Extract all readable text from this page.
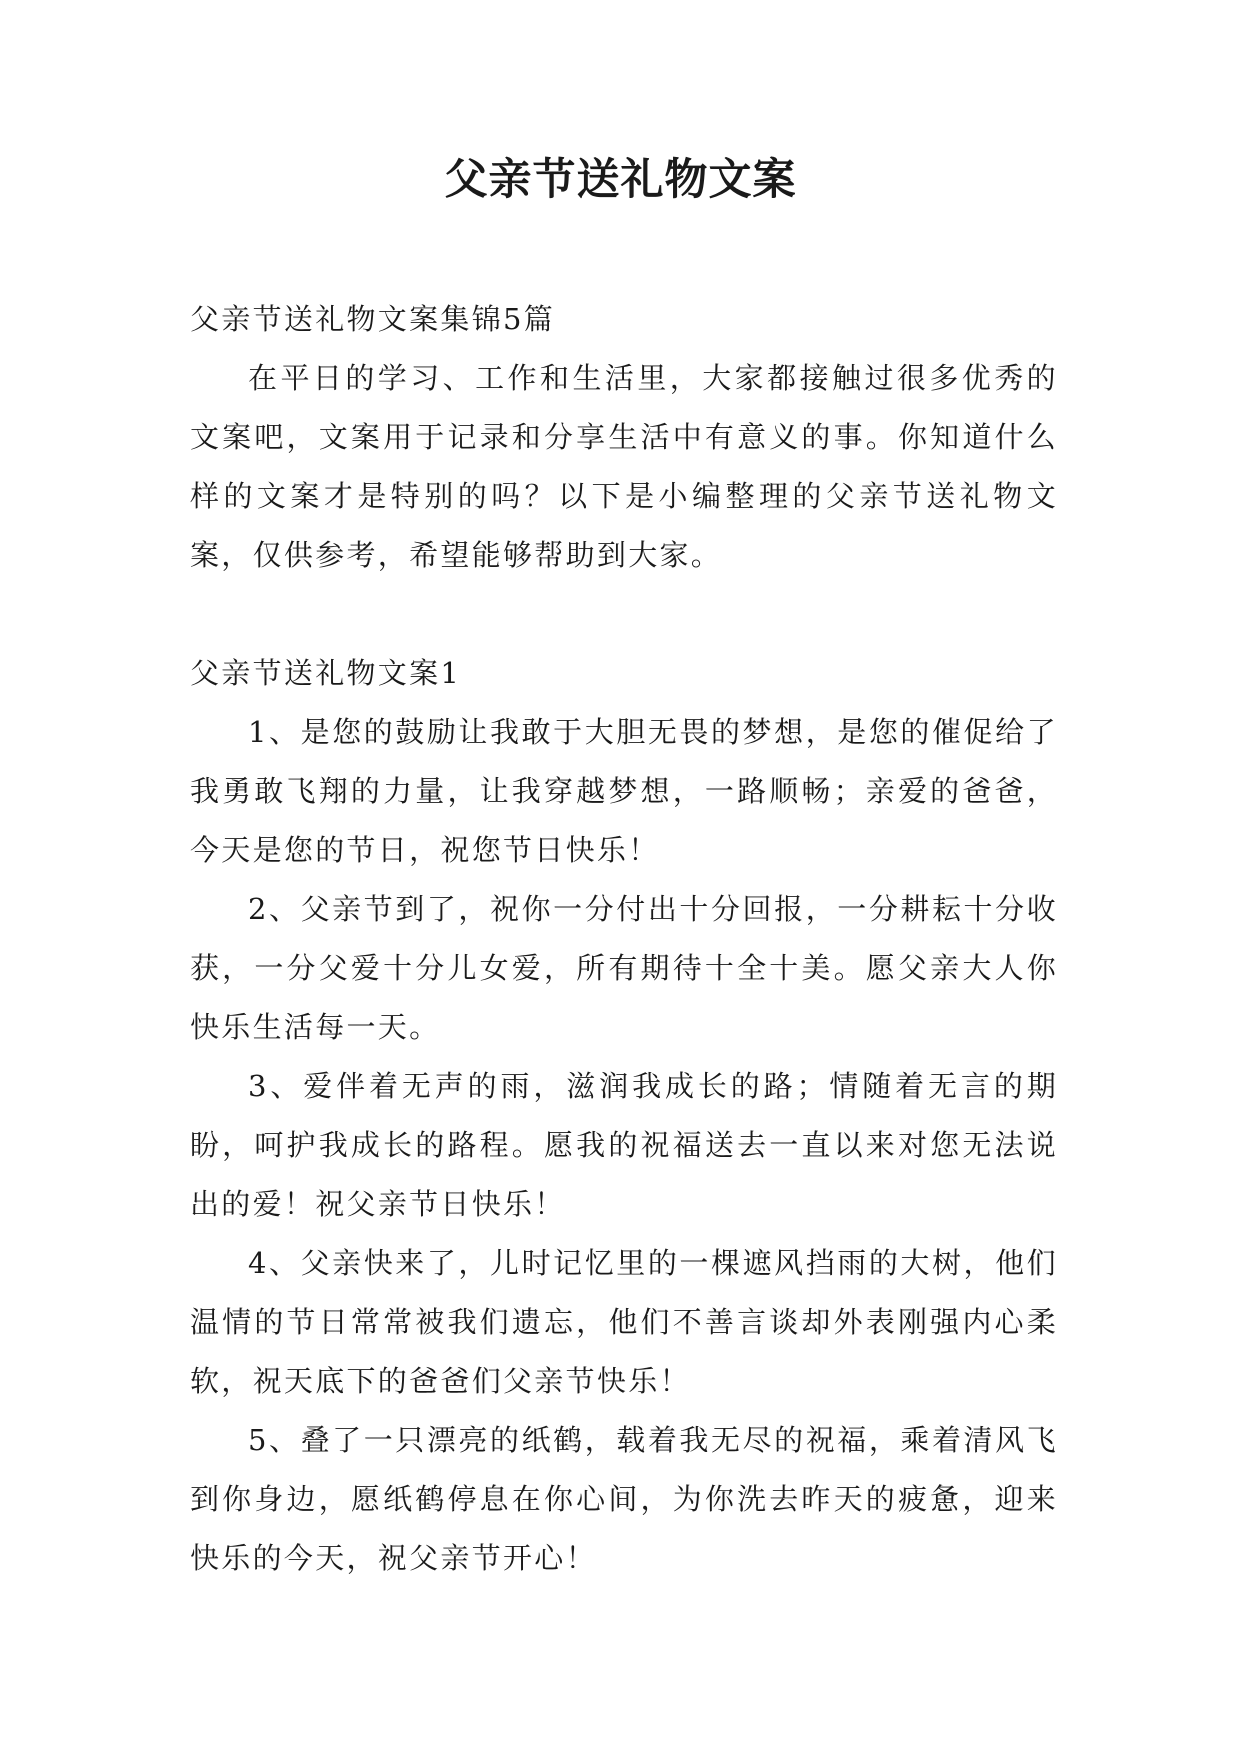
父亲节送礼物文案

父亲节送礼物文案集锦5篇

在平日的学习、工作和生活里，大家都接触过很多优秀的文案吧，文案用于记录和分享生活中有意义的事。你知道什么样的文案才是特别的吗？以下是小编整理的父亲节送礼物文案，仅供参考，希望能够帮助到大家。

父亲节送礼物文案1

1、是您的鼓励让我敢于大胆无畏的梦想，是您的催促给了我勇敢飞翔的力量，让我穿越梦想，一路顺畅；亲爱的爸爸，今天是您的节日，祝您节日快乐！

2、父亲节到了，祝你一分付出十分回报，一分耕耘十分收获，一分父爱十分儿女爱，所有期待十全十美。愿父亲大人你快乐生活每一天。

3、爱伴着无声的雨，滋润我成长的路；情随着无言的期盼，呵护我成长的路程。愿我的祝福送去一直以来对您无法说出的爱！祝父亲节日快乐！

4、父亲快来了，儿时记忆里的一棵遮风挡雨的大树，他们温情的节日常常被我们遗忘，他们不善言谈却外表刚强内心柔软，祝天底下的爸爸们父亲节快乐！

5、叠了一只漂亮的纸鹤，载着我无尽的祝福，乘着清风飞到你身边，愿纸鹤停息在你心间，为你洗去昨天的疲惫，迎来快乐的今天，祝父亲节开心！
